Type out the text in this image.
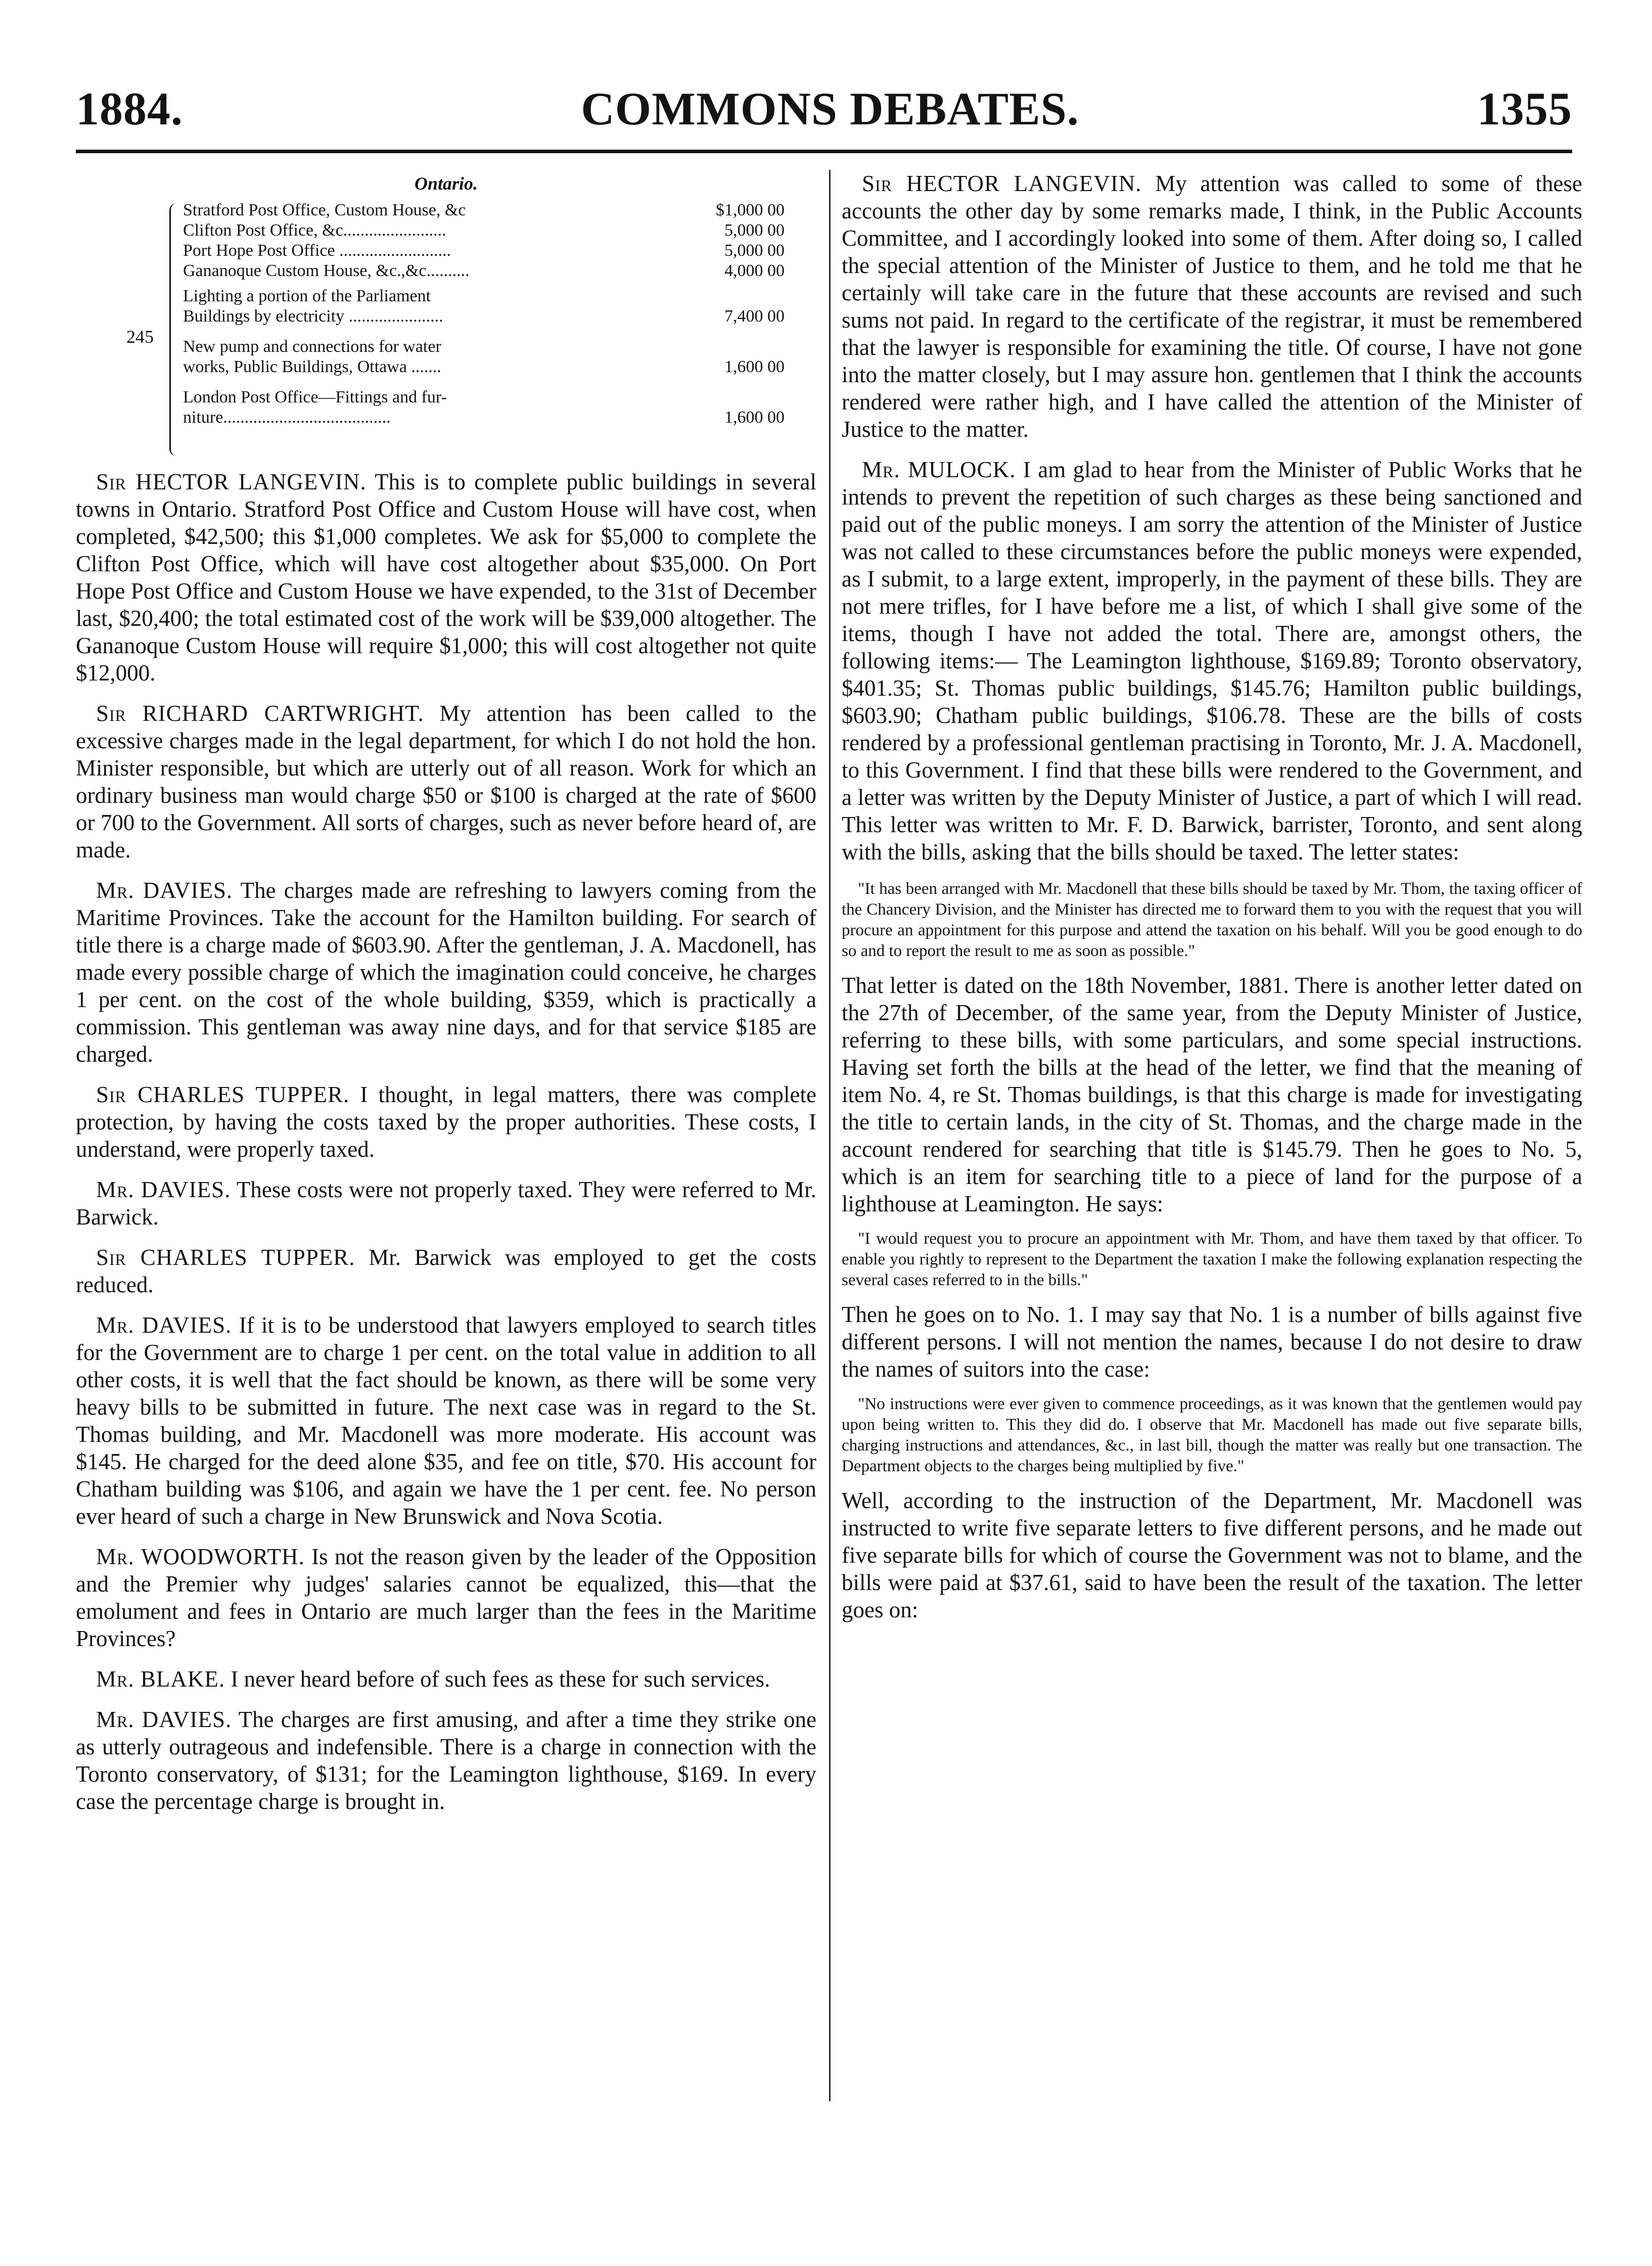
1884.	COMMONS DEBATES.	1355
Ontario.
245
Stratford Post Office, Custom House, &c	$1,000 00
Clifton Post Office, &c........................	5,000 00
Port Hope Post Office ..........................	5,000 00
Gananoque Custom House, &c.,&c..........	4,000 00
Lighting a portion of the Parliament
Buildings by electricity ......................	7,400 00
New pump and connections for water
works, Public Buildings, Ottawa .......	1,600 00
London Post Office—Fittings and fur-
niture.......................................	1,600 00

Sir HECTOR LANGEVIN. This is to complete public buildings in several towns in Ontario. Stratford Post Office and Custom House will have cost, when completed, $42,500; this $1,000 completes. We ask for $5,000 to complete the Clifton Post Office, which will have cost altogether about $35,000. On Port Hope Post Office and Custom House we have expended, to the 31st of December last, $20,400; the total estimated cost of the work will be $39,000 altogether. The Gananoque Custom House will require $1,000; this will cost altogether not quite $12,000.

Sir RICHARD CARTWRIGHT. My attention has been called to the excessive charges made in the legal department, for which I do not hold the hon. Minister responsible, but which are utterly out of all reason. Work for which an ordinary business man would charge $50 or $100 is charged at the rate of $600 or 700 to the Government. All sorts of charges, such as never before heard of, are made.

Mr. DAVIES. The charges made are refreshing to lawyers coming from the Maritime Provinces. Take the account for the Hamilton building. For search of title there is a charge made of $603.90. After the gentleman, J. A. Macdonell, has made every possible charge of which the imagination could conceive, he charges 1 per cent. on the cost of the whole building, $359, which is practically a commission. This gentleman was away nine days, and for that service $185 are charged.

Sir CHARLES TUPPER. I thought, in legal matters, there was complete protection, by having the costs taxed by the proper authorities. These costs, I understand, were properly taxed.

Mr. DAVIES. These costs were not properly taxed. They were referred to Mr. Barwick.

Sir CHARLES TUPPER. Mr. Barwick was employed to get the costs reduced.

Mr. DAVIES. If it is to be understood that lawyers employed to search titles for the Government are to charge 1 per cent. on the total value in addition to all other costs, it is well that the fact should be known, as there will be some very heavy bills to be submitted in future. The next case was in regard to the St. Thomas building, and Mr. Macdonell was more moderate. His account was $145. He charged for the deed alone $35, and fee on title, $70. His account for Chatham building was $106, and again we have the 1 per cent. fee. No person ever heard of such a charge in New Brunswick and Nova Scotia.

Mr. WOODWORTH. Is not the reason given by the leader of the Opposition and the Premier why judges' salaries cannot be equalized, this—that the emolument and fees in Ontario are much larger than the fees in the Maritime Provinces?

Mr. BLAKE. I never heard before of such fees as these for such services.

Mr. DAVIES. The charges are first amusing, and after a time they strike one as utterly outrageous and indefensible. There is a charge in connection with the Toronto conservatory, of $131; for the Leamington lighthouse, $169. In every case the percentage charge is brought in.

Sir HECTOR LANGEVIN. My attention was called to some of these accounts the other day by some remarks made, I think, in the Public Accounts Committee, and I accordingly looked into some of them. After doing so, I called the special attention of the Minister of Justice to them, and he told me that he certainly will take care in the future that these accounts are revised and such sums not paid. In regard to the certificate of the registrar, it must be remembered that the lawyer is responsible for examining the title. Of course, I have not gone into the matter closely, but I may assure hon. gentlemen that I think the accounts rendered were rather high, and I have called the attention of the Minister of Justice to the matter.

Mr. MULOCK. I am glad to hear from the Minister of Public Works that he intends to prevent the repetition of such charges as these being sanctioned and paid out of the public moneys. I am sorry the attention of the Minister of Justice was not called to these circumstances before the public moneys were expended, as I submit, to a large extent, improperly, in the payment of these bills. They are not mere trifles, for I have before me a list, of which I shall give some of the items, though I have not added the total. There are, amongst others, the following items:— The Leamington lighthouse, $169.89; Toronto observatory, $401.35; St. Thomas public buildings, $145.76; Hamilton public buildings, $603.90; Chatham public buildings, $106.78. These are the bills of costs rendered by a professional gentleman practising in Toronto, Mr. J. A. Macdonell, to this Government. I find that these bills were rendered to the Government, and a letter was written by the Deputy Minister of Justice, a part of which I will read. This letter was written to Mr. F. D. Barwick, barrister, Toronto, and sent along with the bills, asking that the bills should be taxed. The letter states:

"It has been arranged with Mr. Macdonell that these bills should be taxed by Mr. Thom, the taxing officer of the Chancery Division, and the Minister has directed me to forward them to you with the request that you will procure an appointment for this purpose and attend the taxation on his behalf. Will you be good enough to do so and to report the result to me as soon as possible."

That letter is dated on the 18th November, 1881. There is another letter dated on the 27th of December, of the same year, from the Deputy Minister of Justice, referring to these bills, with some particulars, and some special instructions. Having set forth the bills at the head of the letter, we find that the meaning of item No. 4, re St. Thomas buildings, is that this charge is made for investigating the title to certain lands, in the city of St. Thomas, and the charge made in the account rendered for searching that title is $145.79. Then he goes to No. 5, which is an item for searching title to a piece of land for the purpose of a lighthouse at Leamington. He says:

"I would request you to procure an appointment with Mr. Thom, and have them taxed by that officer. To enable you rightly to represent to the Department the taxation I make the following explanation respecting the several cases referred to in the bills."

Then he goes on to No. 1. I may say that No. 1 is a number of bills against five different persons. I will not mention the names, because I do not desire to draw the names of suitors into the case:

"No instructions were ever given to commence proceedings, as it was known that the gentlemen would pay upon being written to. This they did do. I observe that Mr. Macdonell has made out five separate bills, charging instructions and attendances, &c., in last bill, though the matter was really but one transaction. The Department objects to the charges being multiplied by five."

Well, according to the instruction of the Department, Mr. Macdonell was instructed to write five separate letters to five different persons, and he made out five separate bills for which of course the Government was not to blame, and the bills were paid at $37.61, said to have been the result of the taxation. The letter goes on:
